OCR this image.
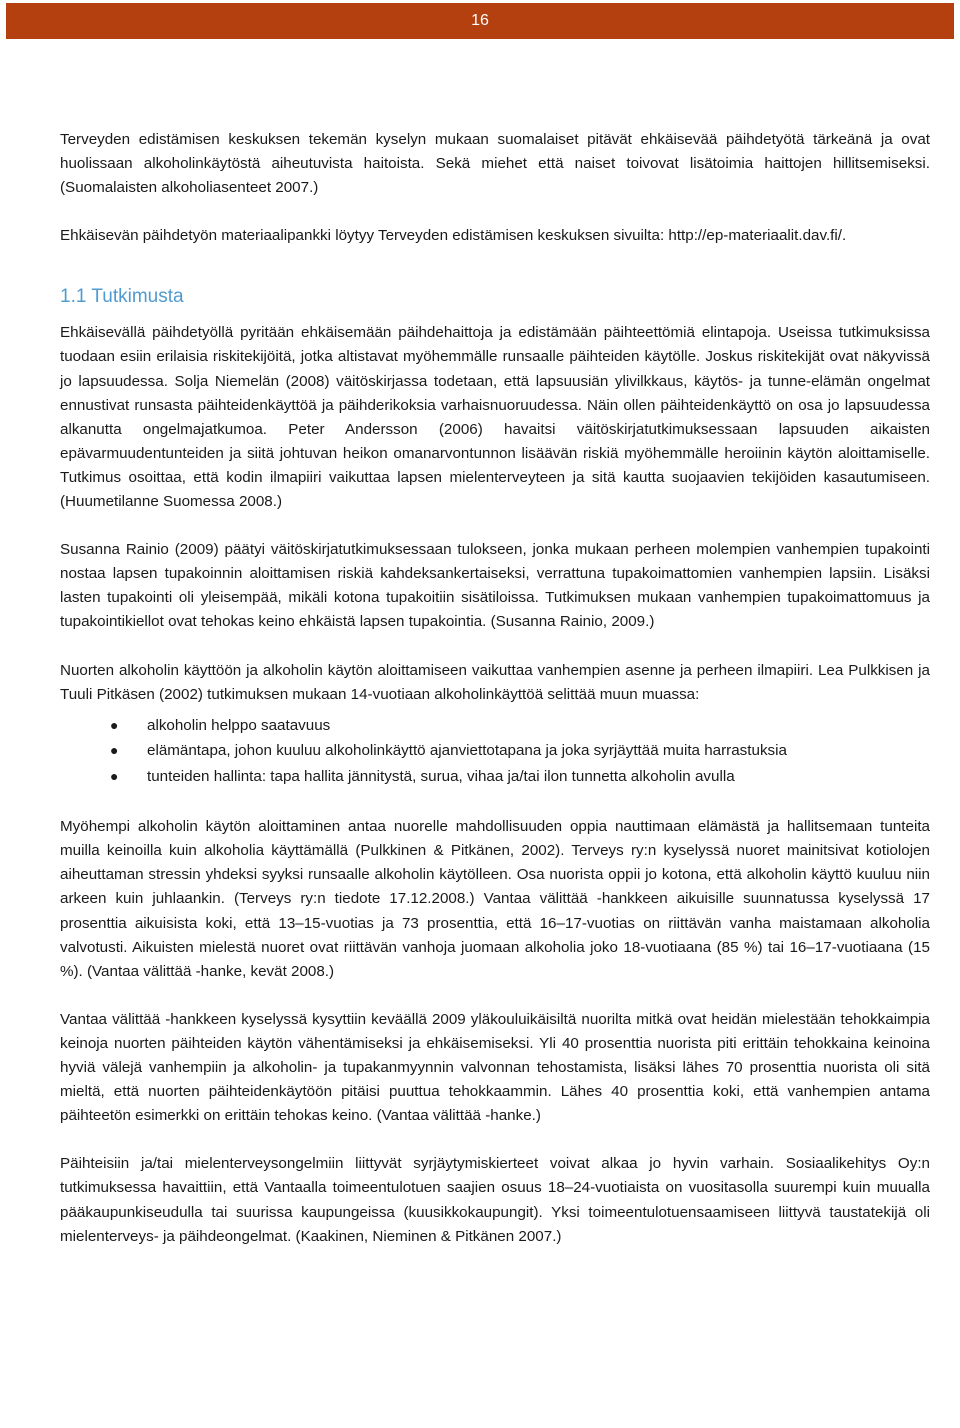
16

Terveyden edistämisen keskuksen tekemän kyselyn mukaan suomalaiset pitävät ehkäisevää päihdetyötä tärkeänä ja ovat huolissaan alkoholinkäytöstä aiheutuvista haitoista. Sekä miehet että naiset toivovat lisätoimia haittojen hillitsemiseksi. (Suomalaisten alkoholiasenteet 2007.)

Ehkäisevän päihdetyön materiaalipankki löytyy Terveyden edistämisen keskuksen sivuilta: http://ep-materiaalit.dav.fi/.

1.1 Tutkimusta

Ehkäisevällä päihdetyöllä pyritään ehkäisemään päihdehaittoja ja edistämään päihteettömiä elintapoja. Useissa tutkimuksissa tuodaan esiin erilaisia riskitekijöitä, jotka altistavat myöhemmälle runsaalle päihteiden käytölle. Joskus riskitekijät ovat näkyvissä jo lapsuudessa. Solja Niemelän (2008) väitöskirjassa todetaan, että lapsuusiän ylivilkkaus, käytös- ja tunne-elämän ongelmat ennustivat runsasta päihteidenkäyttöä ja päihderikoksia varhaisnuoruudessa. Näin ollen päihteidenkäyttö on osa jo lapsuudessa alkanutta ongelmajatkumoa. Peter Andersson (2006) havaitsi väitöskirjatutkimuksessaan lapsuuden aikaisten epävarmuudentunteiden ja siitä johtuvan heikon omanarvontunnon lisäävän riskiä myöhemmälle heroiinin käytön aloittamiselle. Tutkimus osoittaa, että kodin ilmapiiri vaikuttaa lapsen mielenterveyteen ja sitä kautta suojaavien tekijöiden kasautumiseen. (Huumetilanne Suomessa 2008.)

Susanna Rainio (2009) päätyi väitöskirjatutkimuksessaan tulokseen, jonka mukaan perheen molempien vanhempien tupakointi nostaa lapsen tupakoinnin aloittamisen riskiä kahdeksankertaiseksi, verrattuna tupakoimattomien vanhempien lapsiin. Lisäksi lasten tupakointi oli yleisempää, mikäli kotona tupakoitiin sisätiloissa. Tutkimuksen mukaan vanhempien tupakoimattomuus ja tupakointikiellot ovat tehokas keino ehkäistä lapsen tupakointia. (Susanna Rainio, 2009.)

Nuorten alkoholin käyttöön ja alkoholin käytön aloittamiseen vaikuttaa vanhempien asenne ja perheen ilmapiiri. Lea Pulkkisen ja Tuuli Pitkäsen (2002) tutkimuksen mukaan 14-vuotiaan alkoholinkäyttöä selittää muun muassa:

● alkoholin helppo saatavuus
● elämäntapa, johon kuuluu alkoholinkäyttö ajanviettotapana ja joka syrjäyttää muita harrastuksia
● tunteiden hallinta: tapa hallita jännitystä, surua, vihaa ja/tai ilon tunnetta alkoholin avulla

Myöhempi alkoholin käytön aloittaminen antaa nuorelle mahdollisuuden oppia nauttimaan elämästä ja hallitsemaan tunteita muilla keinoilla kuin alkoholia käyttämällä (Pulkkinen & Pitkänen, 2002). Terveys ry:n kyselyssä nuoret mainitsivat kotiolojen aiheuttaman stressin yhdeksi syyksi runsaalle alkoholin käytölleen. Osa nuorista oppii jo kotona, että alkoholin käyttö kuuluu niin arkeen kuin juhlaankin. (Terveys ry:n tiedote 17.12.2008.) Vantaa välittää -hankkeen aikuisille suunnatussa kyselyssä 17 prosenttia aikuisista koki, että 13–15-vuotias ja 73 prosenttia, että 16–17-vuotias on riittävän vanha maistamaan alkoholia valvotusti. Aikuisten mielestä nuoret ovat riittävän vanhoja juomaan alkoholia joko 18-vuotiaana (85 %) tai 16–17-vuotiaana (15 %). (Vantaa välittää -hanke, kevät 2008.)

Vantaa välittää -hankkeen kyselyssä kysyttiin keväällä 2009 yläkouluikäisiltä nuorilta mitkä ovat heidän mielestään tehokkaimpia keinoja nuorten päihteiden käytön vähentämiseksi ja ehkäisemiseksi. Yli 40 prosenttia nuorista piti erittäin tehokkaina keinoina hyviä välejä vanhempiin ja alkoholin- ja tupakanmyynnin valvonnan tehostamista, lisäksi lähes 70 prosenttia nuorista oli sitä mieltä, että nuorten päihteidenkäytöön pitäisi puuttua tehokkaammin. Lähes 40 prosenttia koki, että vanhempien antama päihteetön esimerkki on erittäin tehokas keino. (Vantaa välittää -hanke.)

Päihteisiin ja/tai mielenterveysongelmiin liittyvät syrjäytymiskierteet voivat alkaa jo hyvin varhain. Sosiaalikehitys Oy:n tutkimuksessa havaittiin, että Vantaalla toimeentulotuen saajien osuus 18–24-vuotiaista on vuositasolla suurempi kuin muualla pääkaupunkiseudulla tai suurissa kaupungeissa (kuusikkokaupungit). Yksi toimeentulotuensaamiseen liittyvä taustatekijä oli mielenterveys- ja päihdeongelmat. (Kaakinen, Nieminen & Pitkänen 2007.)
